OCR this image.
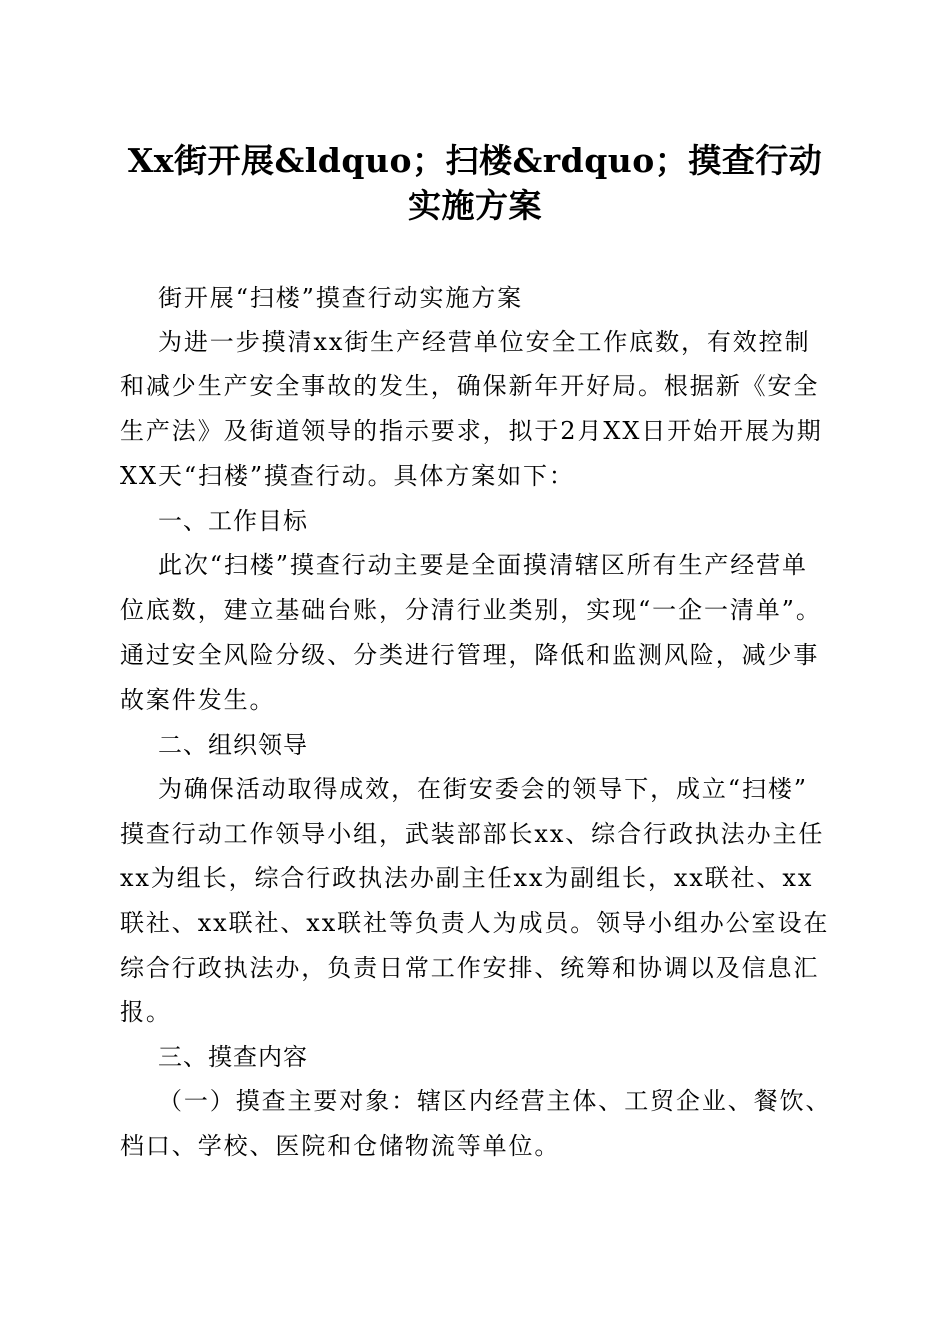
Xx街开展&ldquo；扫楼&rdquo；摸查行动
实施方案
街开展“扫楼”摸查行动实施方案
为进一步摸清xx街生产经营单位安全工作底数，有效控制
和减少生产安全事故的发生，确保新年开好局。根据新《安全
生产法》及街道领导的指示要求，拟于2月XX日开始开展为期
XX天“扫楼”摸查行动。具体方案如下：
一、工作目标
此次“扫楼”摸查行动主要是全面摸清辖区所有生产经营单
位底数，建立基础台账，分清行业类别，实现“一企一清单”。
通过安全风险分级、分类进行管理，降低和监测风险，减少事
故案件发生。
二、组织领导
为确保活动取得成效，在街安委会的领导下，成立“扫楼”
摸查行动工作领导小组，武装部部长xx、综合行政执法办主任
xx为组长，综合行政执法办副主任xx为副组长，xx联社、xx
联社、xx联社、xx联社等负责人为成员。领导小组办公室设在
综合行政执法办，负责日常工作安排、统筹和协调以及信息汇
报。
三、摸查内容
（一）摸查主要对象：辖区内经营主体、工贸企业、餐饮、
档口、学校、医院和仓储物流等单位。
